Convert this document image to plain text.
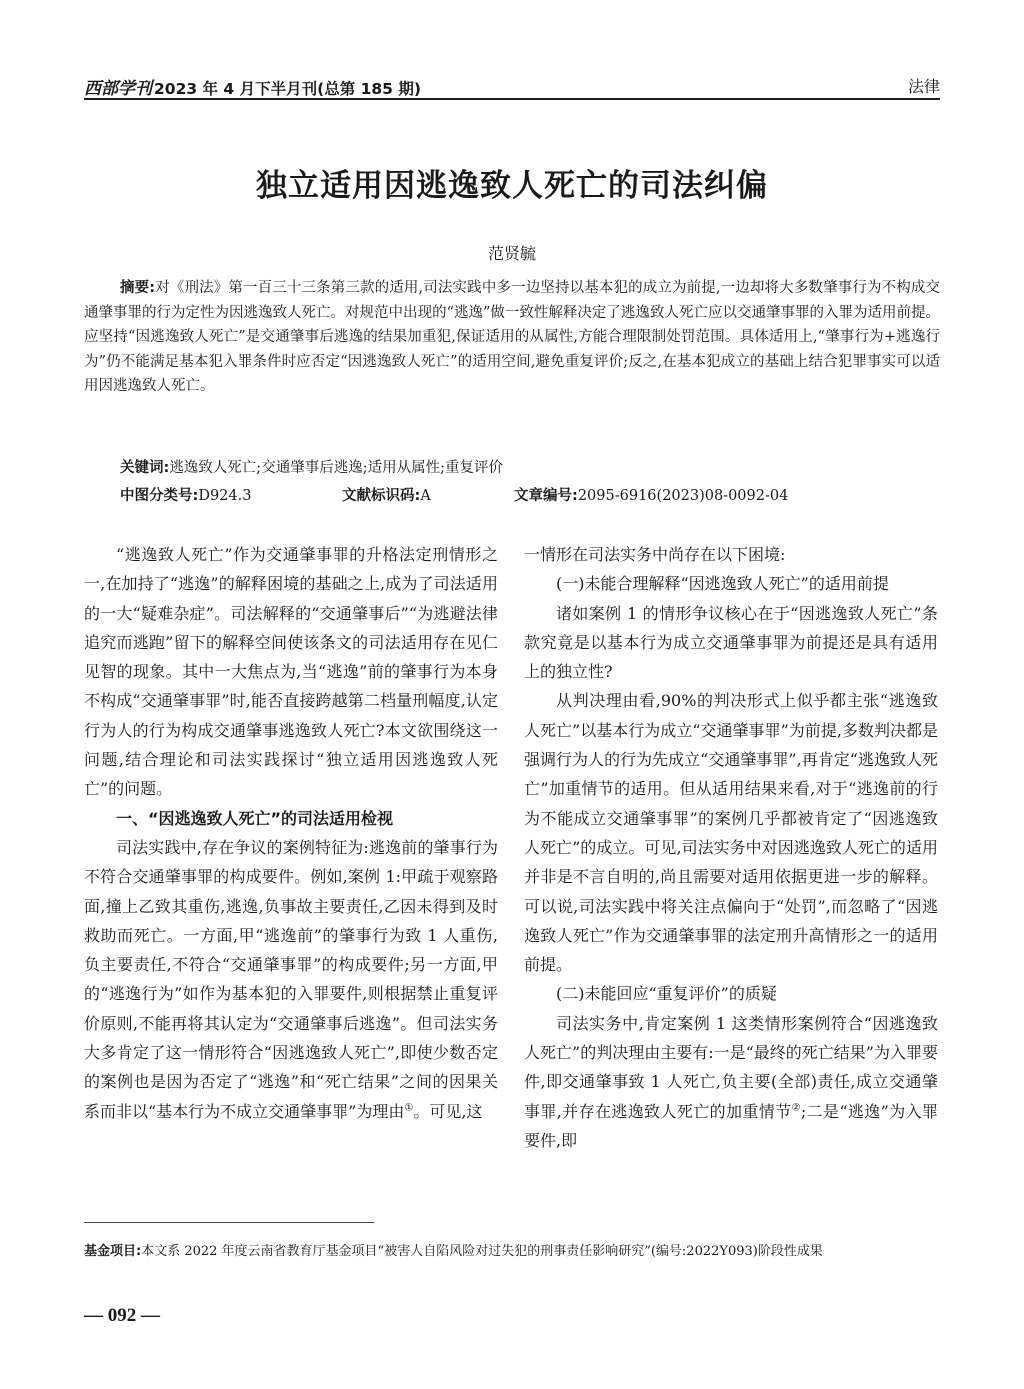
西部学刊 2023 年 4 月下半月刊(总第 185 期)	法律
独立适用因逃逸致人死亡的司法纠偏
范贤毓
摘要:对《刑法》第一百三十三条第三款的适用,司法实践中多一边坚持以基本犯的成立为前提,一边却将大多数肇事行为不构成交通肇事罪的行为定性为因逃逸致人死亡。对规范中出现的“逃逸”做一致性解释决定了逃逸致人死亡应以交通肇事罪的入罪为适用前提。应坚持“因逃逸致人死亡”是交通肇事后逃逸的结果加重犯,保证适用的从属性,方能合理限制处罚范围。具体适用上,“肇事行为+逃逸行为”仍不能满足基本犯入罪条件时应否定“因逃逸致人死亡”的适用空间,避免重复评价;反之,在基本犯成立的基础上结合犯罪事实可以适用因逃逸致人死亡。
关键词:逃逸致人死亡;交通肇事后逃逸;适用从属性;重复评价
中图分类号:D924.3	文献标识码:A	文章编号:2095-6916(2023)08-0092-04

“逃逸致人死亡”作为交通肇事罪的升格法定刑情形之一,在加持了“逃逸”的解释困境的基础之上,成为了司法适用的一大“疑难杂症”。司法解释的“交通肇事后”“为逃避法律追究而逃跑”留下的解释空间使该条文的司法适用存在见仁见智的现象。其中一大焦点为,当“逃逸”前的肇事行为本身不构成“交通肇事罪”时,能否直接跨越第二档量刑幅度,认定行为人的行为构成交通肇事逃逸致人死亡?本文欲围绕这一问题,结合理论和司法实践探讨“独立适用因逃逸致人死亡”的问题。

一、“因逃逸致人死亡”的司法适用检视

司法实践中,存在争议的案例特征为:逃逸前的肇事行为不符合交通肇事罪的构成要件。例如,案例 1:甲疏于观察路面,撞上乙致其重伤,逃逸,负事故主要责任,乙因未得到及时救助而死亡。一方面,甲“逃逸前”的肇事行为致 1 人重伤,负主要责任,不符合“交通肇事罪”的构成要件;另一方面,甲的“逃逸行为”如作为基本犯的入罪要件,则根据禁止重复评价原则,不能再将其认定为“交通肇事后逃逸”。但司法实务大多肯定了这一情形符合“因逃逸致人死亡”,即使少数否定的案例也是因为否定了“逃逸”和“死亡结果”之间的因果关系而非以“基本行为不成立交通肇事罪”为理由①。可见,这

一情形在司法实务中尚存在以下困境:

(一)未能合理解释“因逃逸致人死亡”的适用前提

诸如案例 1 的情形争议核心在于“因逃逸致人死亡”条款究竟是以基本行为成立交通肇事罪为前提还是具有适用上的独立性?

从判决理由看,90%的判决形式上似乎都主张“逃逸致人死亡”以基本行为成立“交通肇事罪”为前提,多数判决都是强调行为人的行为先成立“交通肇事罪”,再肯定“逃逸致人死亡”加重情节的适用。但从适用结果来看,对于“逃逸前的行为不能成立交通肇事罪”的案例几乎都被肯定了“因逃逸致人死亡”的成立。可见,司法实务中对因逃逸致人死亡的适用并非是不言自明的,尚且需要对适用依据更进一步的解释。可以说,司法实践中将关注点偏向于“处罚”,而忽略了“因逃逸致人死亡”作为交通肇事罪的法定刑升高情形之一的适用前提。

(二)未能回应“重复评价”的质疑

司法实务中,肯定案例 1 这类情形案例符合“因逃逸致人死亡”的判决理由主要有:一是“最终的死亡结果”为入罪要件,即交通肇事致 1 人死亡,负主要(全部)责任,成立交通肇事罪,并存在逃逸致人死亡的加重情节②;二是“逃逸”为入罪要件,即

基金项目:本文系 2022 年度云南省教育厅基金项目“被害人自陷风险对过失犯的刑事责任影响研究”(编号:2022Y093)阶段性成果
— 092 —
